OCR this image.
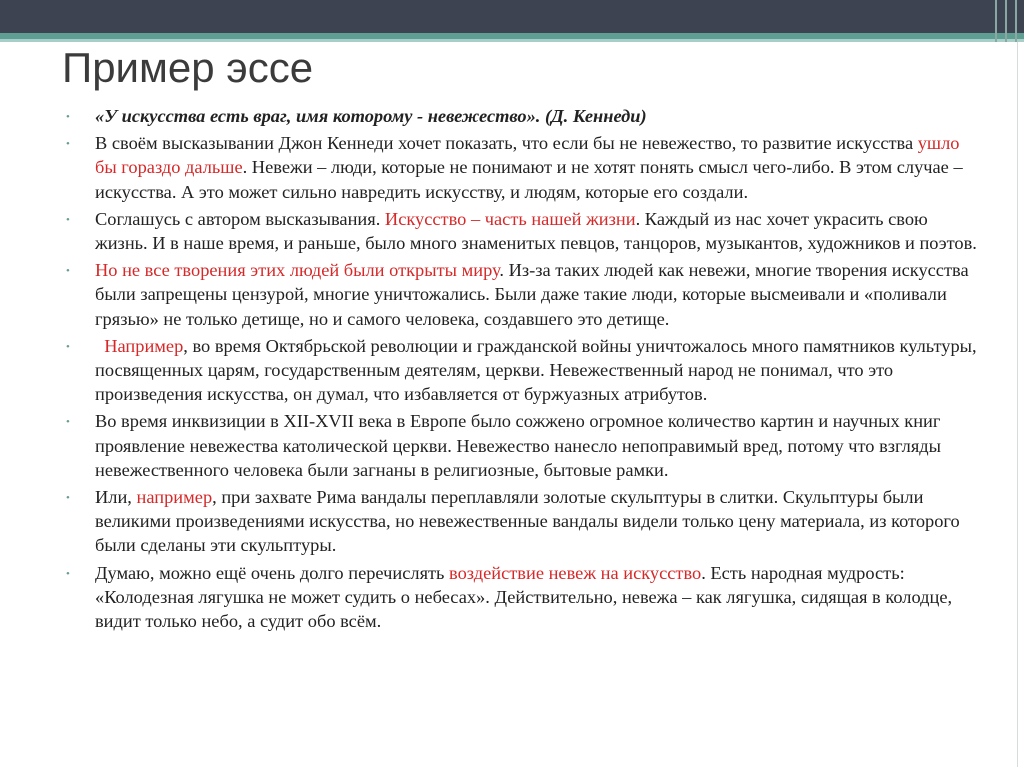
Пример эссе
• «У искусства есть враг, имя которому - невежество». (Д. Кеннеди)
• В своём высказывании Джон Кеннеди хочет показать, что если бы не невежество, то развитие искусства ушло бы гораздо дальше. Невежи – люди, которые не понимают и не хотят понять смысл чего-либо. В этом случае – искусства. А это может сильно навредить искусству, и людям, которые его создали.
• Соглашусь с автором высказывания. Искусство – часть нашей жизни. Каждый из нас хочет украсить свою жизнь. И в наше время, и раньше, было много знаменитых певцов, танцоров, музыкантов, художников и поэтов.
• Но не все творения этих людей были открыты миру. Из-за таких людей как невежи, многие творения искусства были запрещены цензурой, многие уничтожались. Были даже такие люди, которые высмеивали и «поливали грязью» не только детище, но и самого человека, создавшего это детище.
• Например, во время Октябрьской революции и гражданской войны уничтожалось много памятников культуры, посвященных царям, государственным деятелям, церкви. Невежественный народ не понимал, что это произведения искусства, он думал, что избавляется от буржуазных атрибутов.
• Во время инквизиции в XII-XVII века в Европе было сожжено огромное количество картин и научных книг проявление невежества католической церкви. Невежество нанесло непоправимый вред, потому что взгляды невежественного человека были загнаны в религиозные, бытовые рамки.
• Или, например, при захвате Рима вандалы переплавляли золотые скульптуры в слитки. Скульптуры были великими произведениями искусства, но невежественные вандалы видели только цену материала, из которого были сделаны эти скульптуры.
• Думаю, можно ещё очень долго перечислять воздействие невеж на искусство. Есть народная мудрость: «Колодезная лягушка не может судить о небесах». Действительно, невежа – как лягушка, сидящая в колодце, видит только небо, а судит обо всём.
